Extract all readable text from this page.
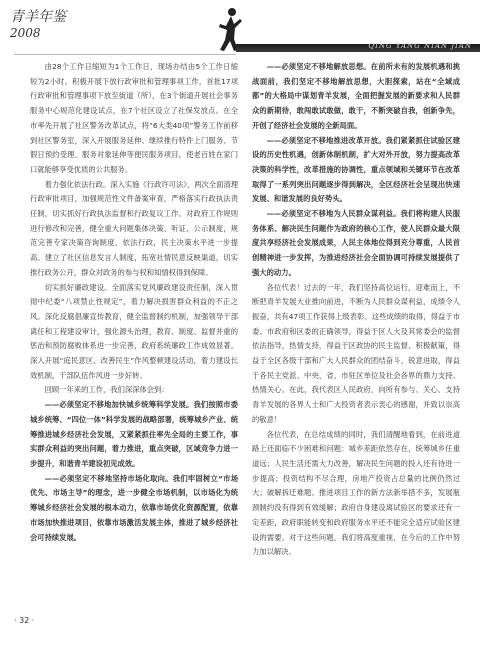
青羊年鉴
2008
QING YANG NIAN JIAN

由28个工作日缩短为1个工作日，现场办结由5个工作日缩短为2小时。积极开展下放行政审批和管理事项工作，首批17项行政审批和管理事项下放至街道（所），在3个街道开展社会事务服务中心规范化建设试点，在7个社区设立了社保发放点。在全市率先开展了社区警务改革试点，将“6大类40项”警务工作前移到社区警务室，深入开展服务延伸、继续推行特件上门服务、节假日预约受理、服务对象延伸等便民服务项目，使老百姓在家门口就能够享受优质的公共服务。

着力强化依法行政。深入实施《行政许可法》，两次全面清理行政审批项目，加强规范性文件备案审查，严格落实行政执法责任制，切实抓好行政执法监督和行政复议工作。对政府工作规则进行修改和完善，健全重大问题集体决策、听证、公示制度，规范完善专家决策咨询制度，依法行政，民主决策水平进一步提高。建立了社区信息发言人制度，拓宽社情民意反映渠道，切实推行政务公开，群众对政务的参与权和知情权得到保障。

切实抓好廉政建设。全面落实党风廉政建设责任制，深入贯彻中纪委“八项禁止性规定”，着力解决损害群众利益的不正之风。深化反腐倡廉宣传教育，健全监督制约机制，加强领导干部离任和工程建设审计，强化源头治理，教育、制度、监督并重的惩治和预防腐败体系进一步完善，政府系统廉政工作成效显著。深入开展“庭民意区、改善民生”作风整顿建设活动，着力建设长效机制，干部队伍作风进一步好转。

回顾一年来的工作，我们深深体会到：

——必须坚定不移地加快城乡统筹科学发展。我们按照市委城乡统筹、“四位一体”科学发展的战略部署，统筹城乡产业、统筹推进城乡经济社会发展，又紧紧抓住率先全局的主要工作，事实群众利益的突出问题，着力推进，重点突破，区域竞争力进一步提升，和谐青羊建设初见成效。

——必须坚定不移地坚持市场化取向。我们牢固树立“市场优先、市场主导”的理念，进一步健全市场机制，以市场化为统筹城乡经济社会发展的根本动力，依靠市场优化资源配置，依靠市场加快推进项目，依靠市场激活发展主体，推进了城乡经济社会可持续发展。

——必须坚定不移地解放思想。在前所未有的发展机遇和挑战面前，我们坚定不移地解放思想，大胆探索，站在“全域成都”的大格局中谋划青羊发展，全面把握发展的新要求和人民群众的新期待，敢闯敢试敢做，敢干，不断突破自我，创新争先，开创了经济社会发展的全新局面。

——必须坚定不移地推进改革开放。我们紧紧抓住试验区建设的历史性机遇，创新体制机制，扩大对外开放，努力提高改革决策的科学性，改革措施的协调性，重点领域和关键环节在改革取得了一系列突出问题逐步得到解决，全区经济社会呈现出快速发展、和谐发展的良好势头。

——必须坚定不移地为人民群众谋利益。我们将构建人民服务体系、解决民生问题作为政府的核心工作，使人民群众最大限度共享经济社会发展成果，人民主体地位得到充分尊重，人民首创精神进一步发挥，为推进经济社会全面协调可持续发展提供了强大的动力。

各位代表！过去的一年，我们坚持高位运行，迎难而上，不断把青羊发展大业推向前进，不断为人民群众谋利益，成绩令人振奋，共有47项工作获得上级表彰。这些成绩的取得，得益于市委、市政府和区委的正确领导，得益于区人大及其常委会的监督依法指导，热情支持，得益于区政协的民主监督、积极献策，得益于全区各级干部和广大人民群众的团结奋斗、锐意进取，得益于各民主党派、中央、省、市驻区单位及社会各界的鼎力支持、热情关心。在此，我代表区人民政府，向所有参与、关心、支持青羊发展的各界人士和广大投资者表示衷心的感谢，并致以崇高的敬意！

各位代表，在总结成绩的同时，我们清醒地看到，在前进道路上还面临不少困难和问题：城乡差距依然存在，统筹城乡任重道远；人民生活还需大力改善，解决民生问题的投入还有待进一步提高；投资结构不尽合理，房地产投资占总量的比例仍然过大；破解拆迁难题、推进项目工作的新方法新举措不多，发展瓶颈制约没有得到有效缓解；政府自身建设离试验区的要求还有一定差距，政府职能转变和政府服务水平还不能完全适应试验区建设的需要。对于这些问题，我们将高度重视，在今后的工作中努力加以解决。

· 32 ·
